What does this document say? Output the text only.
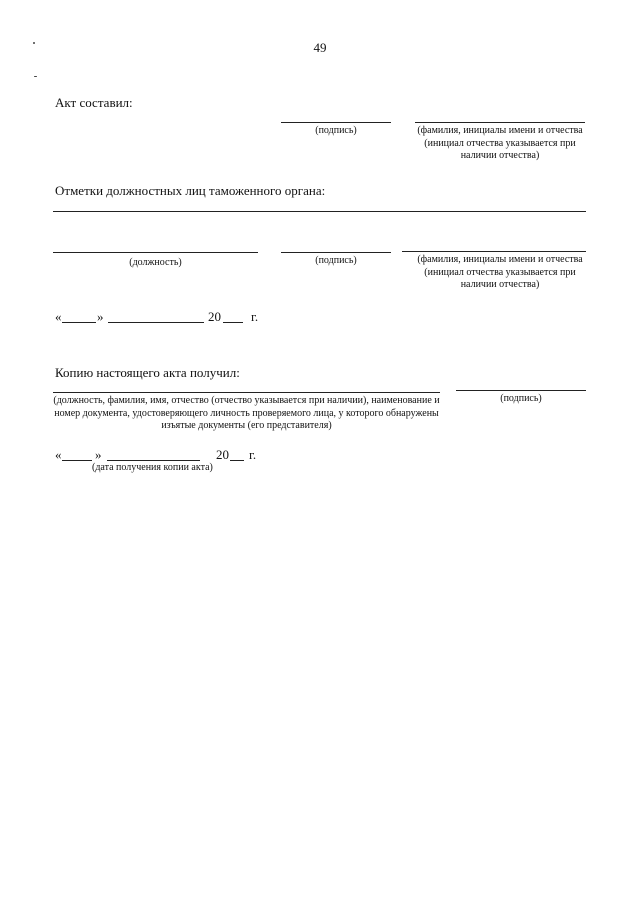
49
Акт составил:
(подпись)	(фамилия, инициалы имени и отчества (инициал отчества указывается при наличии отчества)
Отметки должностных лиц таможенного органа:
(должность)	(подпись)	(фамилия, инициалы имени и отчества (инициал отчества указывается при наличии отчества)
«	»	20 г.
Копию настоящего акта получил:
(должность, фамилия, имя, отчество (отчество указывается при наличии), наименование и номер документа, удостоверяющего личность проверяемого лица, у которого обнаружены изъятые документы (его представителя)
(подпись)
«	»	20 г.
(дата получения копии акта)
